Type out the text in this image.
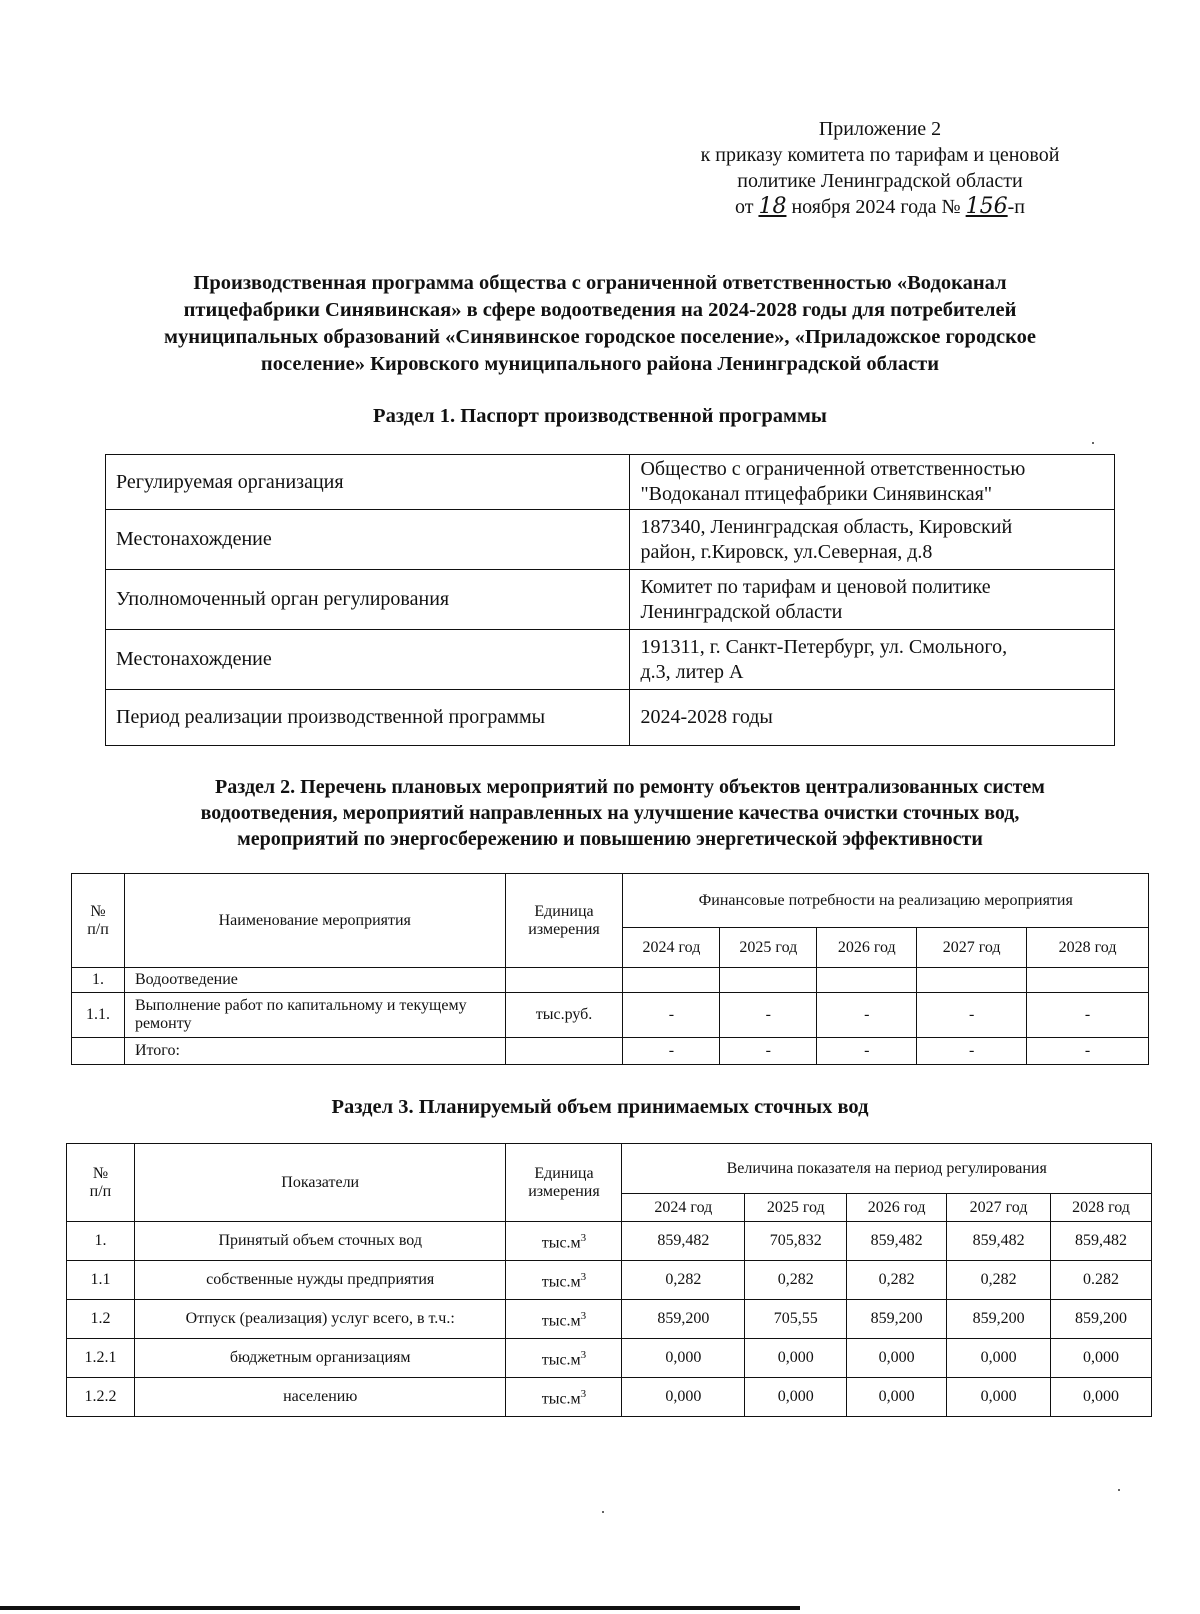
Приложение 2
к приказу комитета по тарифам и ценовой
политике Ленинградской области
от 18 ноября 2024 года № 156-п
Производственная программа общества с ограниченной ответственностью «Водоканал
птицефабрики Синявинская» в сфере водоотведения на 2024-2028 годы для потребителей
муниципальных образований «Синявинское городское поселение», «Приладожское городское
поселение» Кировского муниципального района Ленинградской области
Раздел 1. Паспорт производственной программы
Регулируемая организация	Общество с ограниченной ответственностью
"Водоканал птицефабрики Синявинская"

Местонахождение	187340, Ленинградская область, Кировский
район, г.Кировск, ул.Северная, д.8

Уполномоченный орган регулирования	Комитет по тарифам и ценовой политике
Ленинградской области

Местонахождение	191311, г. Санкт-Петербург, ул. Смольного,
д.3, литер А

Период реализации производственной программы	2024-2028 годы
Раздел 2. Перечень плановых мероприятий по ремонту объектов централизованных систем
водоотведения, мероприятий направленных на улучшение качества очистки сточных вод,
мероприятий по энергосбережению и повышению энергетической эффективности
№
п/п	Наименование мероприятия	Единица
измерения	Финансовые потребности на реализацию мероприятия				
			2024 год	2025 год	2026 год	2027 год	2028 год
1.	Водоотведение						
1.1.	Выполнение работ по капитальному и текущему ремонту	тыс.руб.	-	-	-	-	-
	Итого:		-	-	-	-	-
Раздел 3. Планируемый объем принимаемых сточных вод
№
п/п	Показатели	Единица
измерения	Величина показателя на период регулирования				
			2024 год	2025 год	2026 год	2027 год	2028 год
1.	Принятый объем сточных вод	$тыс.м^3$	859,482	705,832	859,482	859,482	859,482
1.1	собственные нужды предприятия	$тыс.м^3$	0,282	0,282	0,282	0,282	0.282
1.2	Отпуск (реализация) услуг всего, в т.ч.:	$тыс.м^3$	859,200	705,55	859,200	859,200	859,200
1.2.1	бюджетным организациям	$тыс.м^3$	0,000	0,000	0,000	0,000	0,000
1.2.2	населению	$тыс.м^3$	0,000	0,000	0,000	0,000	0,000
